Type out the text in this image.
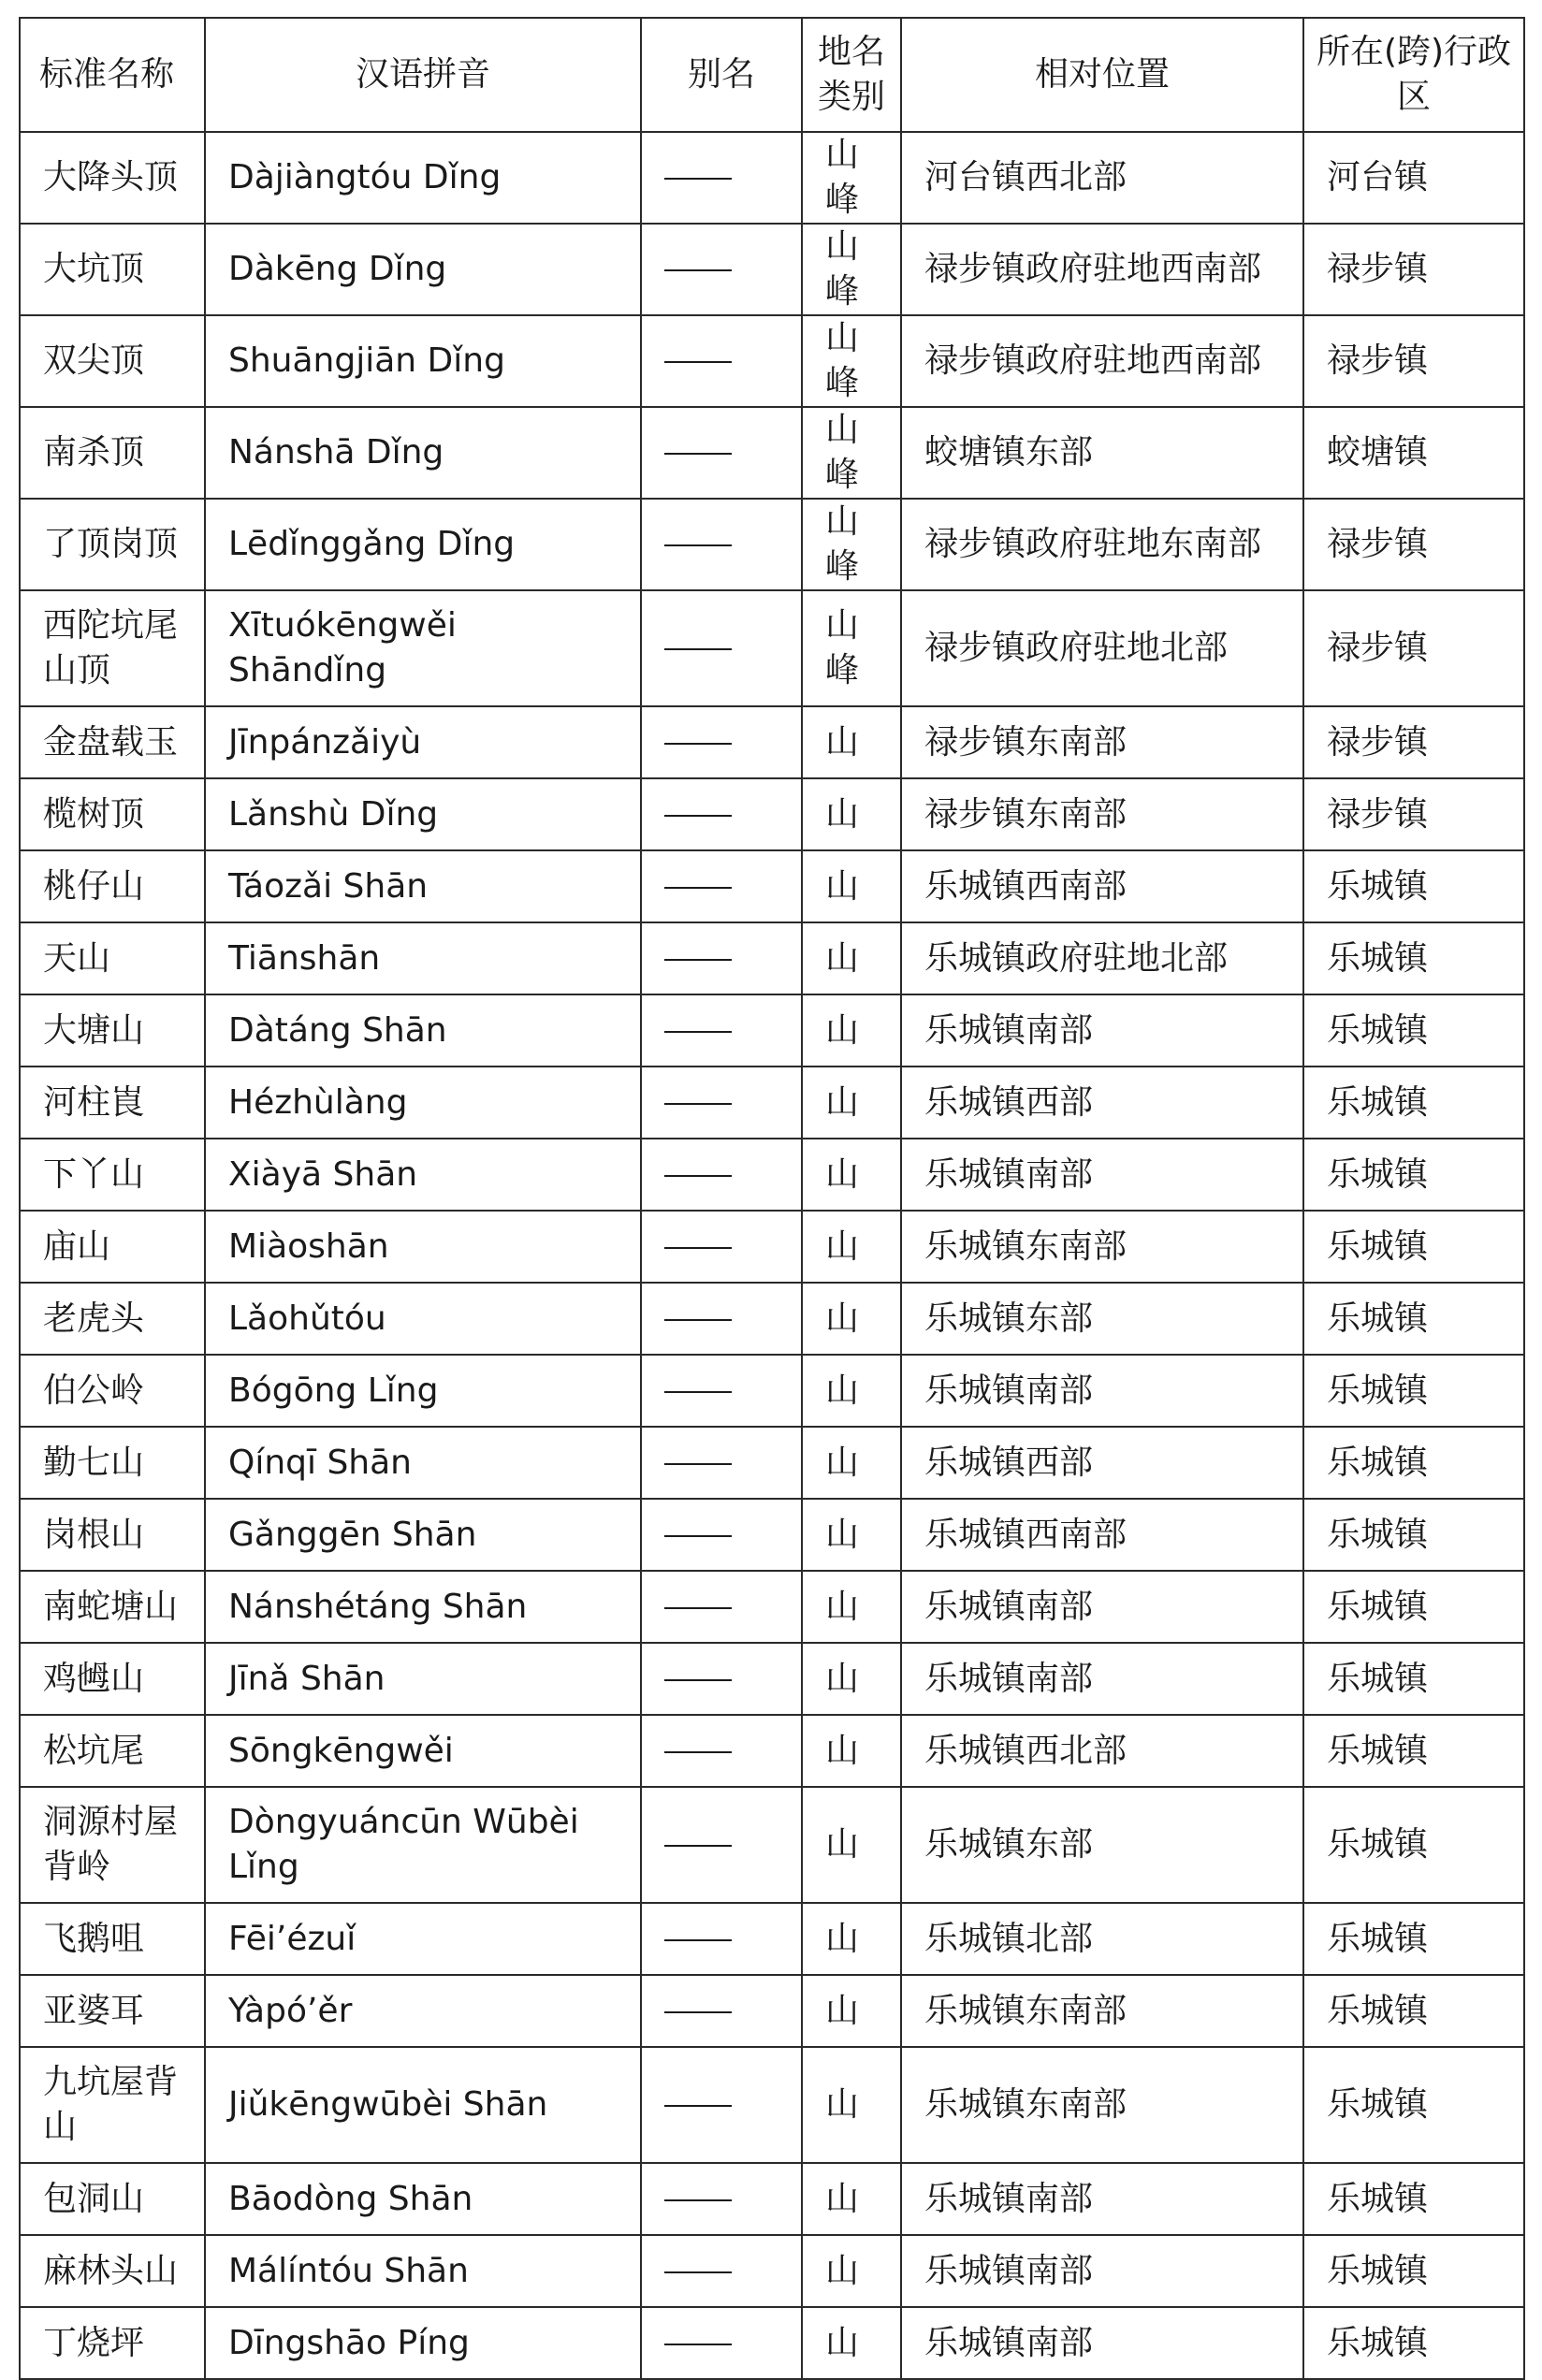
标准名称	汉语拼音	别名	地名类别	相对位置	所在(跨)行政区
大降头顶	Dàjiàngtóu Dǐng		山峰	河台镇西北部	河台镇
大坑顶	Dàkēng Dǐng		山峰	禄步镇政府驻地西南部	禄步镇
双尖顶	Shuāngjiān Dǐng		山峰	禄步镇政府驻地西南部	禄步镇
南杀顶	Nánshā Dǐng		山峰	蛟塘镇东部	蛟塘镇
了顶岗顶	Lēdǐnggǎng Dǐng		山峰	禄步镇政府驻地东南部	禄步镇
西陀坑尾山顶	Xītuókēngwěi Shāndǐng		山峰	禄步镇政府驻地北部	禄步镇
金盘载玉	Jīnpánzǎiyù		山	禄步镇东南部	禄步镇
榄树顶	Lǎnshù Dǐng		山	禄步镇东南部	禄步镇
桃仔山	Táozǎi Shān		山	乐城镇西南部	乐城镇
天山	Tiānshān		山	乐城镇政府驻地北部	乐城镇
大塘山	Dàtáng Shān		山	乐城镇南部	乐城镇
河柱崀	Hézhùlàng		山	乐城镇西部	乐城镇
下丫山	Xiàyā Shān		山	乐城镇南部	乐城镇
庙山	Miàoshān		山	乐城镇东南部	乐城镇
老虎头	Lǎohǔtóu		山	乐城镇东部	乐城镇
伯公岭	Bógōng Lǐng		山	乐城镇南部	乐城镇
勤七山	Qínqī Shān		山	乐城镇西部	乐城镇
岗根山	Gǎnggēn Shān		山	乐城镇西南部	乐城镇
南蛇塘山	Nánshétáng Shān		山	乐城镇南部	乐城镇
鸡乸山	Jīnǎ Shān		山	乐城镇南部	乐城镇
松坑尾	Sōngkēngwěi		山	乐城镇西北部	乐城镇
洞源村屋背岭	Dòngyuáncūn Wūbèi Lǐng		山	乐城镇东部	乐城镇
飞鹅咀	Fēi’ézuǐ		山	乐城镇北部	乐城镇
亚婆耳	Yàpó’ěr		山	乐城镇东南部	乐城镇
九坑屋背山	Jiǔkēngwūbèi Shān		山	乐城镇东南部	乐城镇
包洞山	Bāodòng Shān		山	乐城镇南部	乐城镇
麻林头山	Málíntóu Shān		山	乐城镇南部	乐城镇
丁烧坪	Dīngshāo Píng		山	乐城镇南部	乐城镇
